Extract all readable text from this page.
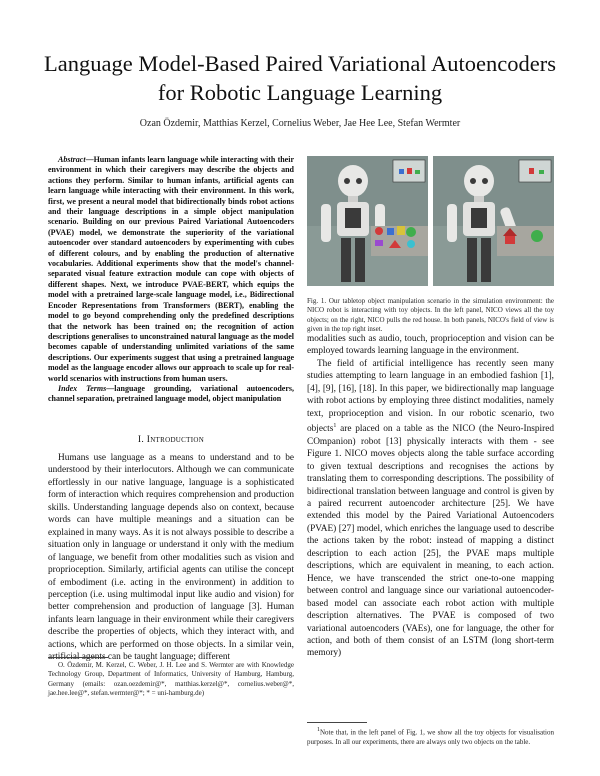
Language Model-Based Paired Variational Autoencoders for Robotic Language Learning
Ozan Özdemir, Matthias Kerzel, Cornelius Weber, Jae Hee Lee, Stefan Wermter

Abstract—Human infants learn language while interacting with their environment in which their caregivers may describe the objects and actions they perform. Similar to human infants, artificial agents can learn language while interacting with their environment. In this work, first, we present a neural model that bidirectionally binds robot actions and their language descriptions in a simple object manipulation scenario. Building on our previous Paired Variational Autoencoders (PVAE) model, we demonstrate the superiority of the variational autoencoder over standard autoencoders by experimenting with cubes of different colours, and by enabling the production of alternative vocabularies. Additional experiments show that the model's channel-separated visual feature extraction module can cope with objects of different shapes. Next, we introduce PVAE-BERT, which equips the model with a pretrained large-scale language model, i.e., Bidirectional Encoder Representations from Transformers (BERT), enabling the model to go beyond comprehending only the predefined descriptions that the network has been trained on; the recognition of action descriptions generalises to unconstrained natural language as the model becomes capable of understanding unlimited variations of the same descriptions. Our experiments suggest that using a pretrained language model as the language encoder allows our approach to scale up for real-world scenarios with instructions from human users.

Index Terms—language grounding, variational autoencoders, channel separation, pretrained language model, object manipulation

I. Introduction

Humans use language as a means to understand and to be understood by their interlocutors. Although we can communicate effortlessly in our native language, language is a sophisticated form of interaction which requires comprehension and production skills. Understanding language depends also on context, because words can have multiple meanings and a situation can be explained in many ways. As it is not always possible to describe a situation only in language or understand it only with the medium of language, we benefit from other modalities such as vision and proprioception. Similarly, artificial agents can utilise the concept of embodiment (i.e. acting in the environment) in addition to perception (i.e. using multimodal input like audio and vision) for better comprehension and production of language [3]. Human infants learn language in their environment while their caregivers describe the properties of objects, which they interact with, and actions, which are performed on those objects. In a similar vein, artificial agents can be taught language; different

O. Özdemir, M. Kerzel, C. Weber, J. H. Lee and S. Wermter are with Knowledge Technology Group, Department of Informatics, University of Hamburg, Hamburg, Germany (emails: ozan.oezdemir@*, matthias.kerzel@*, cornelius.weber@*, jae.hee.lee@*, stefan.wermter@*; * = uni-hamburg.de)

Fig. 1. Our tabletop object manipulation scenario in the simulation environment: the NICO robot is interacting with toy objects. In the left panel, NICO views all the toy objects; on the right, NICO pulls the red house. In both panels, NICO's field of view is given in the top right inset.

modalities such as audio, touch, proprioception and vision can be employed towards learning language in the environment.

The field of artificial intelligence has recently seen many studies attempting to learn language in an embodied fashion [1], [4], [9], [16], [18]. In this paper, we bidirectionally map language with robot actions by employing three distinct modalities, namely text, proprioception and vision. In our robotic scenario, two objects$^1$ are placed on a table as the NICO (the Neuro-Inspired COmpanion) robot [13] physically interacts with them - see Figure 1. NICO moves objects along the table surface according to given textual descriptions and recognises the actions by translating them to corresponding descriptions. The possibility of bidirectional translation between language and control is given by a paired recurrent autoencoder architecture [25]. We have extended this model by the Paired Variational Autoencoders (PVAE) [27] model, which enriches the language used to describe the actions taken by the robot: instead of mapping a distinct description to each action [25], the PVAE maps multiple descriptions, which are equivalent in meaning, to each action. Hence, we have transcended the strict one-to-one mapping between control and language since our variational autoencoder-based model can associate each robot action with multiple description alternatives. The PVAE is composed of two variational autoencoders (VAEs), one for language, the other for action, and both of them consist of an LSTM (long short-term memory)

$^1$Note that, in the left panel of Fig. 1, we show all the toy objects for visualisation purposes. In all our experiments, there are always only two objects on the table.
